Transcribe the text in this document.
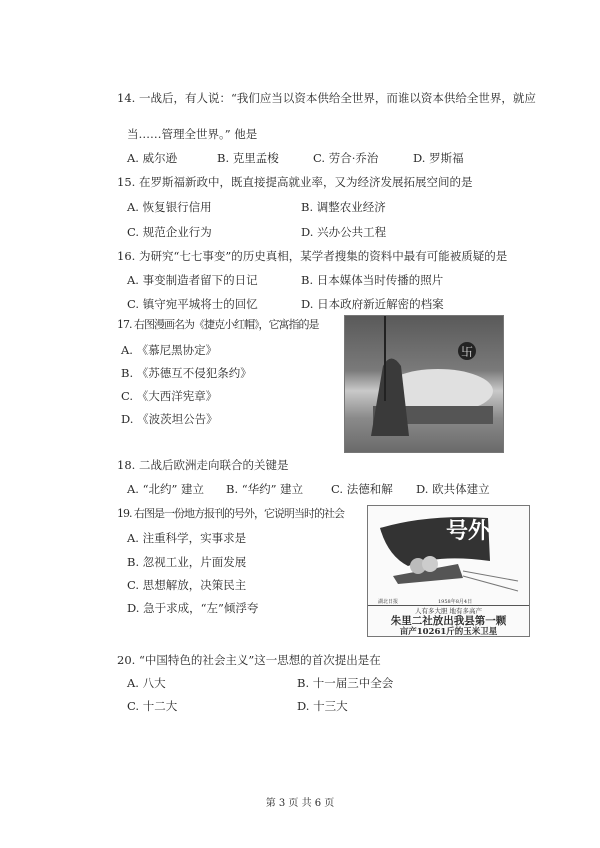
14. 一战后，有人说：“我们应当以资本供给全世界，而谁以资本供给全世界，就应
当……管理全世界。” 他是
A. 威尔逊	B. 克里孟梭	C. 劳合·乔治	D. 罗斯福
15. 在罗斯福新政中，既直接提高就业率，又为经济发展拓展空间的是
A. 恢复银行信用	B. 调整农业经济
C. 规范企业行为	D. 兴办公共工程
16. 为研究“七七事变”的历史真相，某学者搜集的资料中最有可能被质疑的是
A. 事变制造者留下的日记	B. 日本媒体当时传播的照片
C. 镇守宛平城将士的回忆	D. 日本政府新近解密的档案
17. 右图漫画名为《捷克小红帽》，它寓指的是
A. 《慕尼黑协定》
B. 《苏德互不侵犯条约》
C. 《大西洋宪章》
D. 《波茨坦公告》
卐
18. 二战后欧洲走向联合的关键是
A. “北约” 建立 B. “华约” 建立 C. 法德和解 D. 欧共体建立
19. 右图是一份地方报刊的号外，它说明当时的社会
A. 注重科学，实事求是
B. 忽视工业，片面发展
C. 思想解放，决策民主
D. 急于求成，“左”倾浮夸
号外
湖北日报	1958年8月4日
人有多大胆 地有多高产
朱里二社放出我县第一颗
亩产10261斤的玉米卫星
20. “中国特色的社会主义”这一思想的首次提出是在
A. 八大	B. 十一届三中全会
C. 十二大	D. 十三大
第 3 页 共 6 页
